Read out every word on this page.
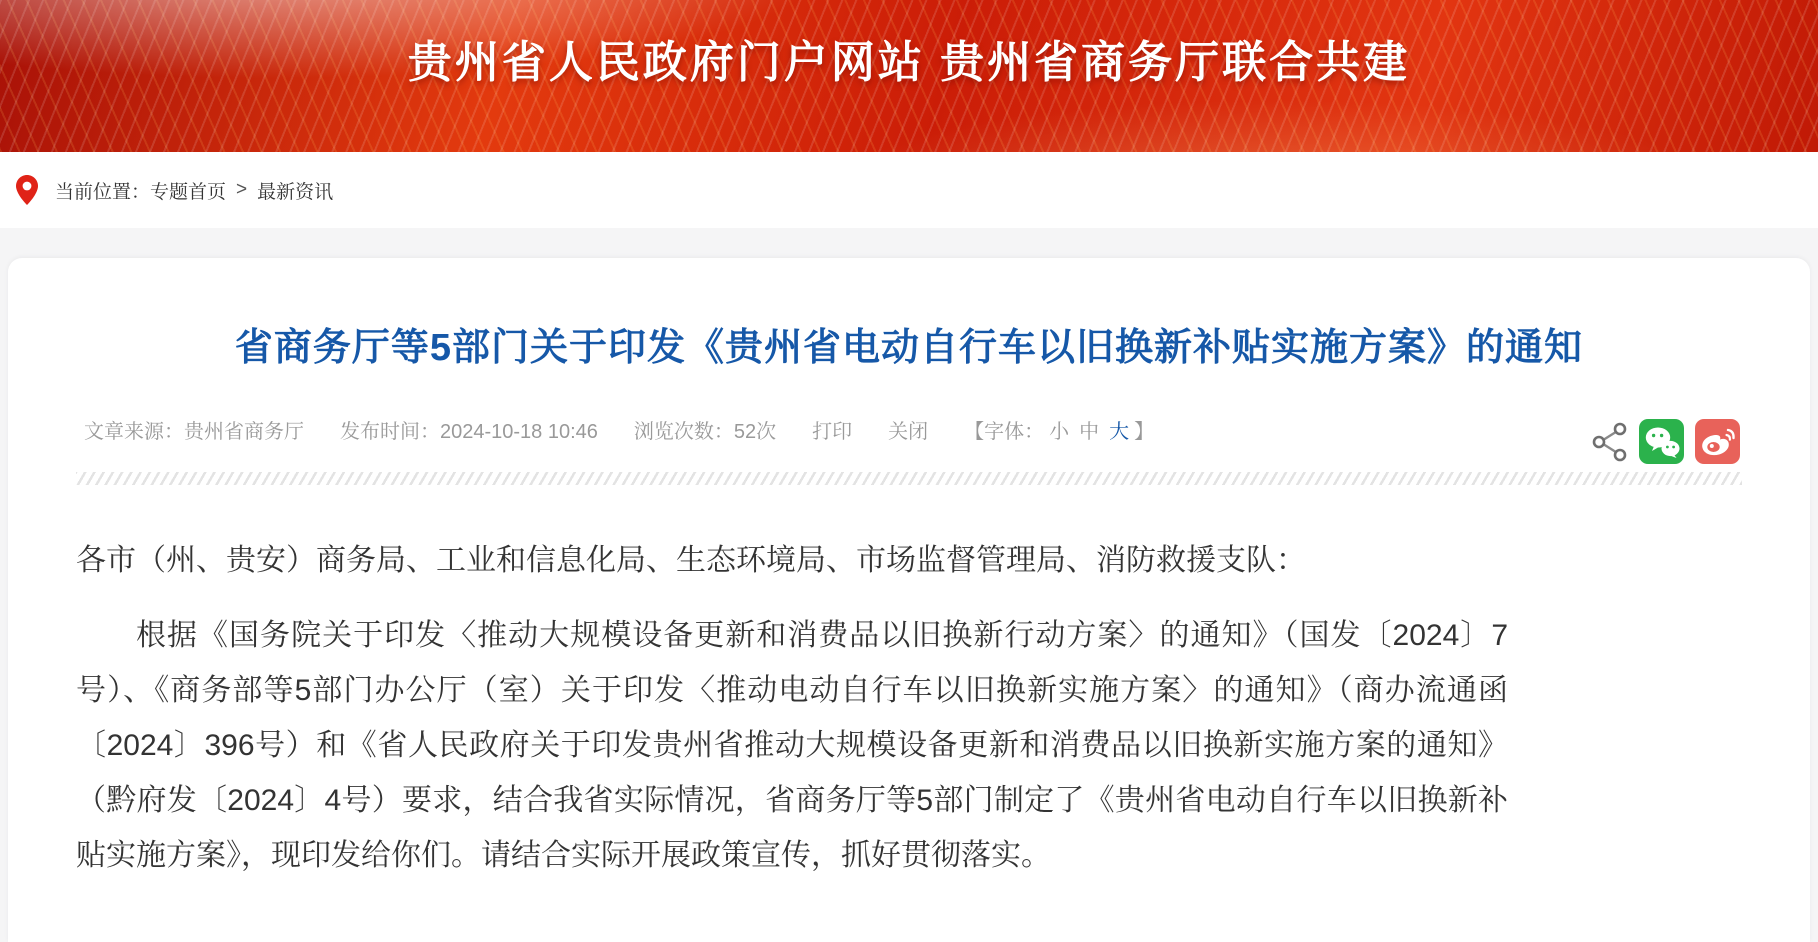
贵州省人民政府门户网站 贵州省商务厅联合共建
当前位置： 专题首页 > 最新资讯
省商务厅等5部门关于印发《贵州省电动自行车以旧换新补贴实施方案》的通知
文章来源：贵州省商务厅 发布时间：2024-10-18 10:46 浏览次数：52次 打印 关闭 【字体： 小 中 大 】

各市（州、贵安）商务局、工业和信息化局、生态环境局、市场监督管理局、消防救援支队：

根据《国务院关于印发〈推动大规模设备更新和消费品以旧换新行动方案〉的通知》（国发〔2024〕7号）、《商务部等5部门办公厅（室）关于印发〈推动电动自行车以旧换新实施方案〉的通知》（商办流通函〔2024〕396号）和《省人民政府关于印发贵州省推动大规模设备更新和消费品以旧换新实施方案的通知》（黔府发〔2024〕4号）要求，结合我省实际情况，省商务厅等5部门制定了《贵州省电动自行车以旧换新补贴实施方案》，现印发给你们。请结合实际开展政策宣传，抓好贯彻落实。
